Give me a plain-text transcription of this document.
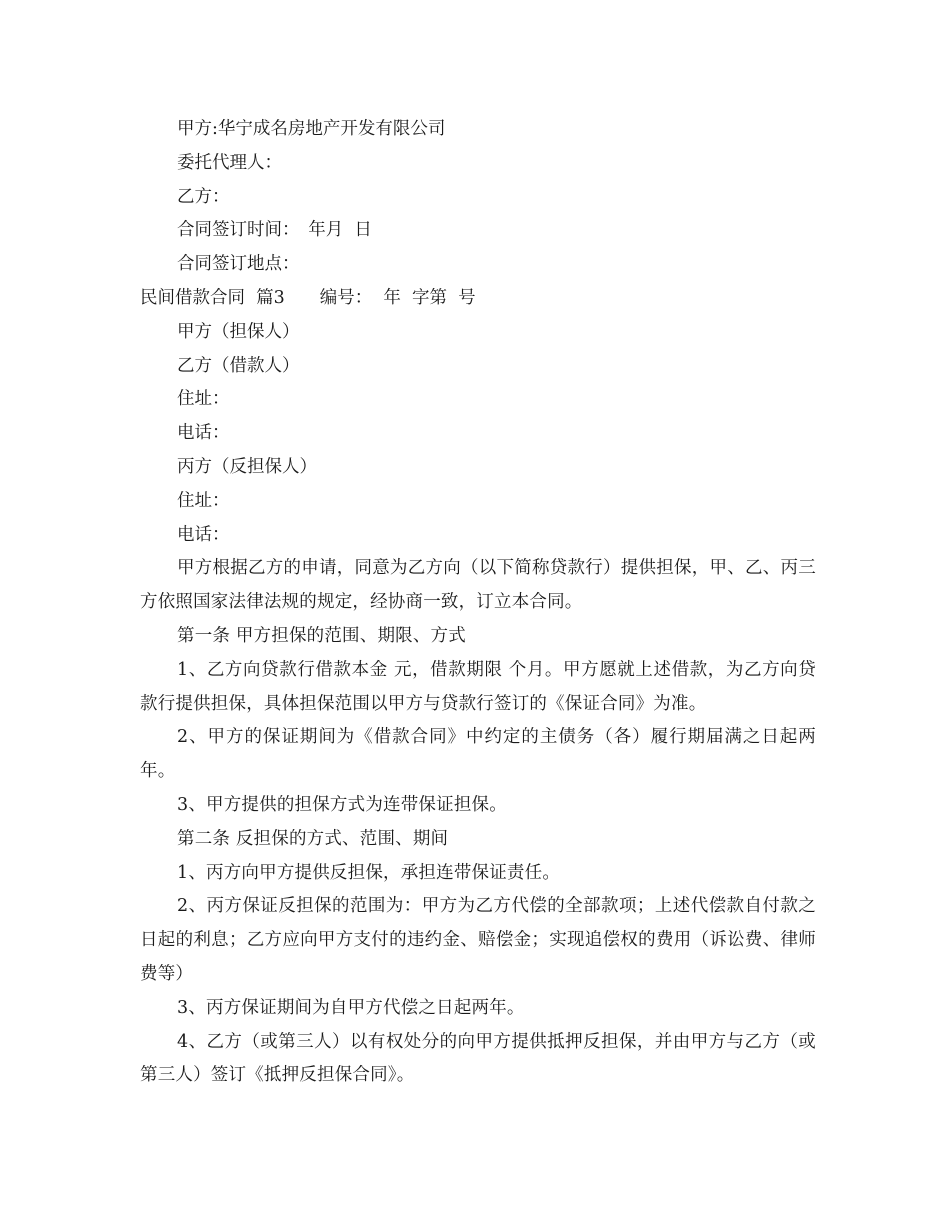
甲方:华宁成名房地产开发有限公司

委托代理人：

乙方：

合同签订时间：　年月  日

合同签订地点：

民间借款合同  篇3　　编号：  年  字第  号

甲方（担保人）

乙方（借款人）

住址：

电话：

丙方（反担保人）

住址：

电话：

甲方根据乙方的申请，同意为乙方向（以下简称贷款行）提供担保，甲、乙、丙三方依照国家法律法规的规定，经协商一致，订立本合同。

第一条 甲方担保的范围、期限、方式

1、乙方向贷款行借款本金 元，借款期限 个月。甲方愿就上述借款，为乙方向贷款行提供担保，具体担保范围以甲方与贷款行签订的《保证合同》为准。

2、甲方的保证期间为《借款合同》中约定的主债务（各）履行期届满之日起两年。

3、甲方提供的担保方式为连带保证担保。

第二条 反担保的方式、范围、期间

1、丙方向甲方提供反担保，承担连带保证责任。

2、丙方保证反担保的范围为：甲方为乙方代偿的全部款项；上述代偿款自付款之日起的利息；乙方应向甲方支付的违约金、赔偿金；实现追偿权的费用（诉讼费、律师费等）

3、丙方保证期间为自甲方代偿之日起两年。

4、乙方（或第三人）以有权处分的向甲方提供抵押反担保，并由甲方与乙方（或第三人）签订《抵押反担保合同》。
